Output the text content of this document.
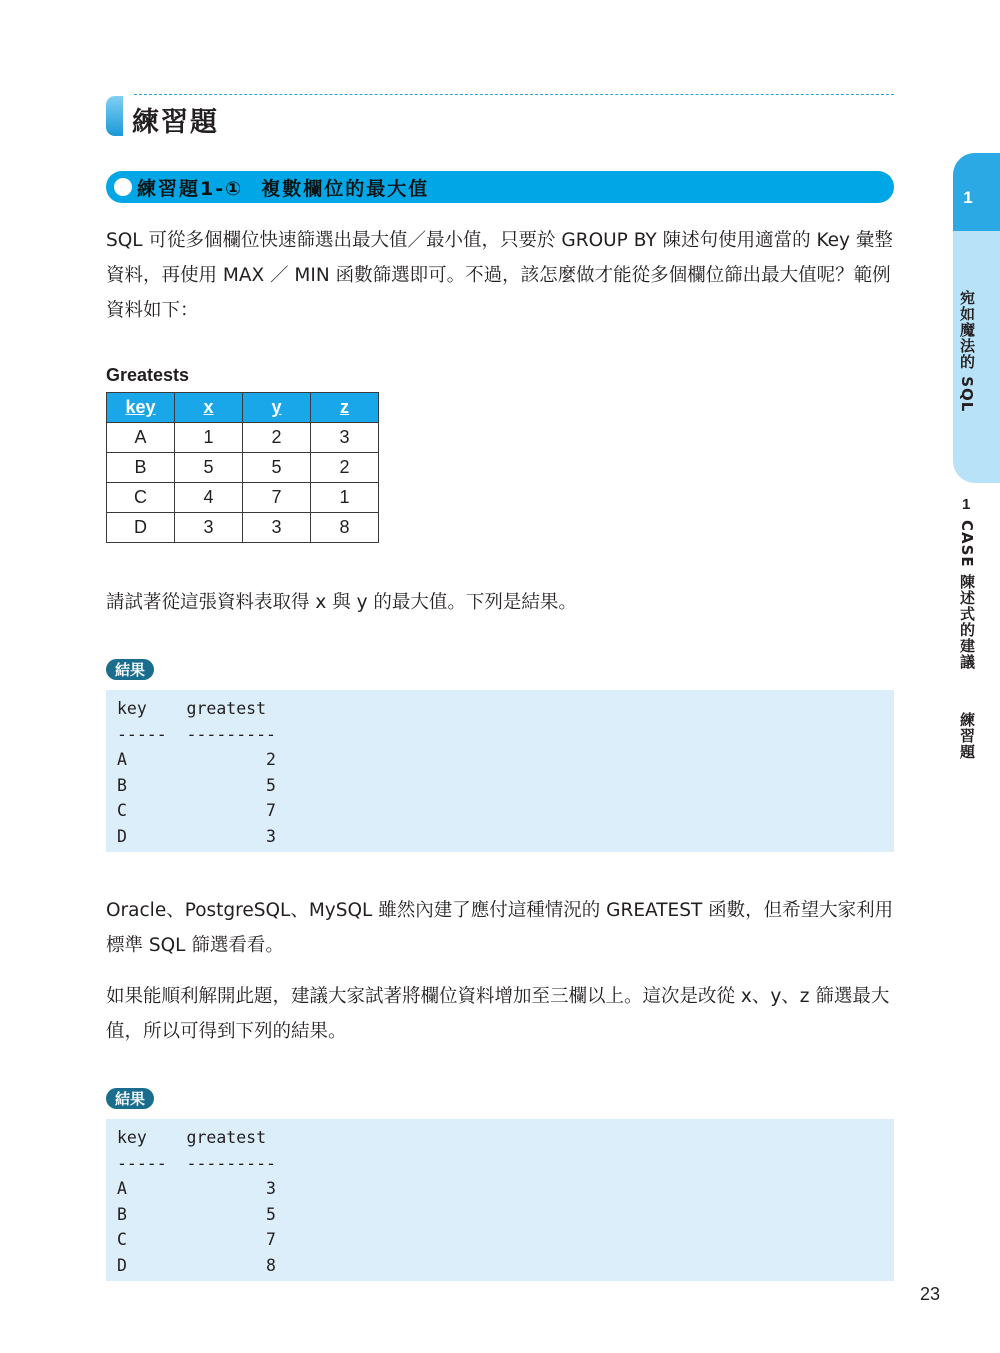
練習題
練習題1-① 複數欄位的最大值

SQL 可從多個欄位快速篩選出最大值／最小值，只要於 GROUP BY 陳述句使用適當的 Key 彙整資料，再使用 MAX ／ MIN 函數篩選即可。不過，該怎麼做才能從多個欄位篩出最大值呢？範例資料如下：

Greatests
key	x	y	z
A	1	2	3
B	5	5	2
C	4	7	1
D	3	3	8

請試著從這張資料表取得 x 與 y 的最大值。下列是結果。

結果
key    greatest
-----  ---------
A              2
B              5
C              7
D              3

Oracle、PostgreSQL、MySQL 雖然內建了應付這種情況的 GREATEST 函數，但希望大家利用標準 SQL 篩選看看。

如果能順利解開此題，建議大家試著將欄位資料增加至三欄以上。這次是改從 x、y、z 篩選最大值，所以可得到下列的結果。

結果
key    greatest
-----  ---------
A              3
B              5
C              7
D              8
1
宛如魔法的 SQL
1
CASE 陳述式的建議
練習題
23
